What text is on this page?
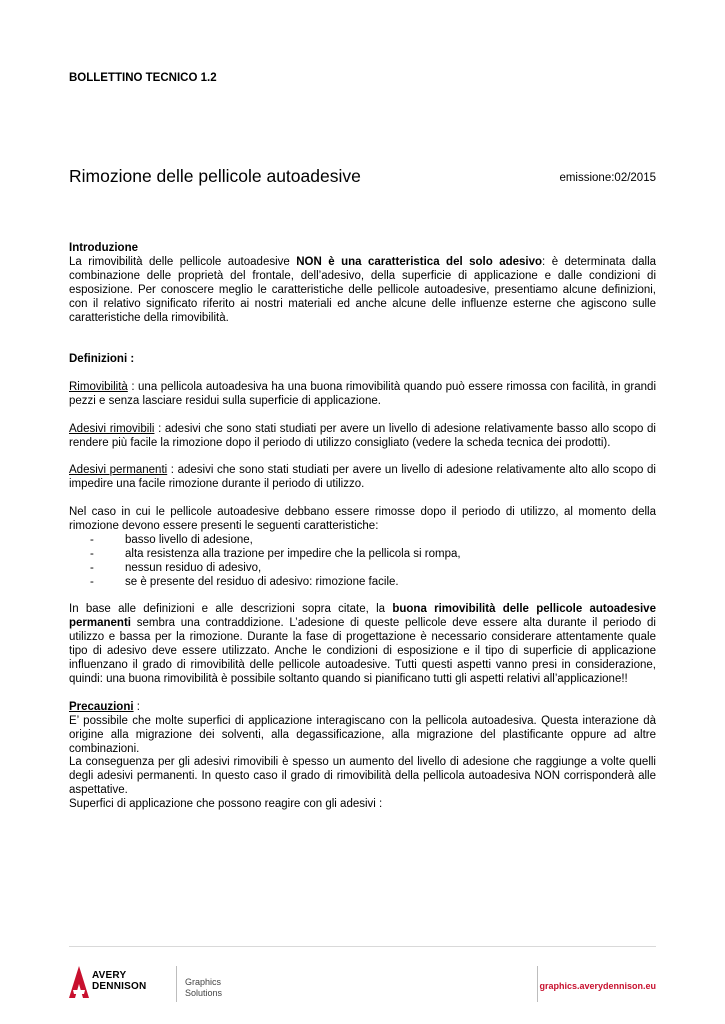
BOLLETTINO TECNICO 1.2
Rimozione delle pellicole autoadesive	emissione:02/2015

Introduzione

La rimovibilità delle pellicole autoadesive NON è una caratteristica del solo adesivo: è determinata dalla combinazione delle proprietà del frontale, dell’adesivo, della superficie di applicazione e dalle condizioni di esposizione. Per conoscere meglio le caratteristiche delle pellicole autoadesive, presentiamo alcune definizioni, con il relativo significato riferito ai nostri materiali ed anche alcune delle influenze esterne che agiscono sulle caratteristiche della rimovibilità.

Definizioni :

Rimovibilità : una pellicola autoadesiva ha una buona rimovibilità quando può essere rimossa con facilità, in grandi pezzi e senza lasciare residui sulla superficie di applicazione.

Adesivi rimovibili : adesivi che sono stati studiati per avere un livello di adesione relativamente basso allo scopo di rendere più facile la rimozione dopo il periodo di utilizzo consigliato (vedere la scheda tecnica dei prodotti).

Adesivi permanenti : adesivi che sono stati studiati per avere un livello di adesione relativamente alto allo scopo di impedire una facile rimozione durante il periodo di utilizzo.

Nel caso in cui le pellicole autoadesive debbano essere rimosse dopo il periodo di utilizzo, al momento della rimozione devono essere presenti le seguenti caratteristiche:

-	basso livello di adesione,
-	alta resistenza alla trazione per impedire che la pellicola si rompa,
-	nessun residuo di adesivo,
-	se è presente del residuo di adesivo: rimozione facile.

In base alle definizioni e alle descrizioni sopra citate, la buona rimovibilità delle pellicole autoadesive permanenti sembra una contraddizione. L’adesione di queste pellicole deve essere alta durante il periodo di utilizzo e bassa per la rimozione. Durante la fase di progettazione è necessario considerare attentamente quale tipo di adesivo deve essere utilizzato. Anche le condizioni di esposizione e il tipo di superficie di applicazione influenzano il grado di rimovibilità delle pellicole autoadesive. Tutti questi aspetti vanno presi in considerazione, quindi: una buona rimovibilità è possibile soltanto quando si pianificano tutti gli aspetti relativi all’applicazione!!

Precauzioni :

E’ possibile che molte superfici di applicazione interagiscano con la pellicola autoadesiva. Questa interazione dà origine alla migrazione dei solventi, alla degassificazione, alla migrazione del plastificante oppure ad altre combinazioni.

La conseguenza per gli adesivi rimovibili è spesso un aumento del livello di adesione che raggiunge a volte quelli degli adesivi permanenti. In questo caso il grado di rimovibilità della pellicola autoadesiva NON corrisponderà alle aspettative.

Superfici di applicazione che possono reagire con gli adesivi :

AVERY
DENNISON	Graphics
Solutions
graphics.averydennison.eu
